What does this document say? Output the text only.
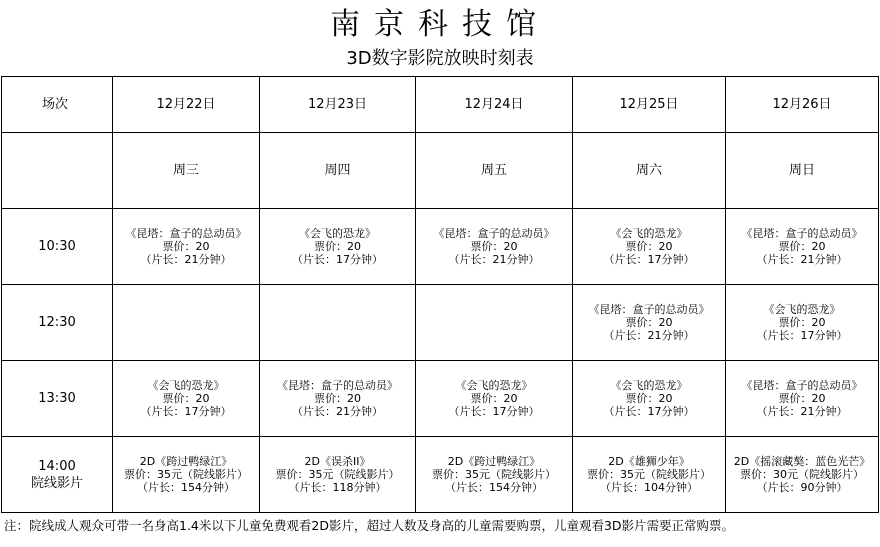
南京科技馆
3D数字影院放映时刻表
场次	12月22日	12月23日	12月24日	12月25日	12月26日
	周三	周四	周五	周六	周日

10:30	《昆塔：盒子的总动员》
票价：20
（片长：21分钟）	《会飞的恐龙》
票价：20
（片长：17分钟）	《昆塔：盒子的总动员》
票价：20
（片长：21分钟）	《会飞的恐龙》
票价：20
（片长：17分钟）	《昆塔：盒子的总动员》
票价：20
（片长：21分钟）

12:30				《昆塔：盒子的总动员》
票价：20
（片长：21分钟）	《会飞的恐龙》
票价：20
（片长：17分钟）

13:30	《会飞的恐龙》
票价：20
（片长：17分钟）	《昆塔：盒子的总动员》
票价：20
（片长：21分钟）	《会飞的恐龙》
票价：20
（片长：17分钟）	《会飞的恐龙》
票价：20
（片长：17分钟）	《昆塔：盒子的总动员》
票价：20
（片长：21分钟）

14:00
院线影片	2D《跨过鸭绿江》
票价：35元（院线影片）
（片长：154分钟）	2D《误杀II》
票价：35元（院线影片）
（片长：118分钟）	2D《跨过鸭绿江》
票价：35元（院线影片）
（片长：154分钟）	2D《雄狮少年》
票价：35元（院线影片）
（片长：104分钟）	2D《摇滚藏獒：蓝色光芒》
票价：30元（院线影片）
（片长：90分钟）
注：院线成人观众可带一名身高1.4米以下儿童免费观看2D影片，超过人数及身高的儿童需要购票，儿童观看3D影片需要正常购票。
